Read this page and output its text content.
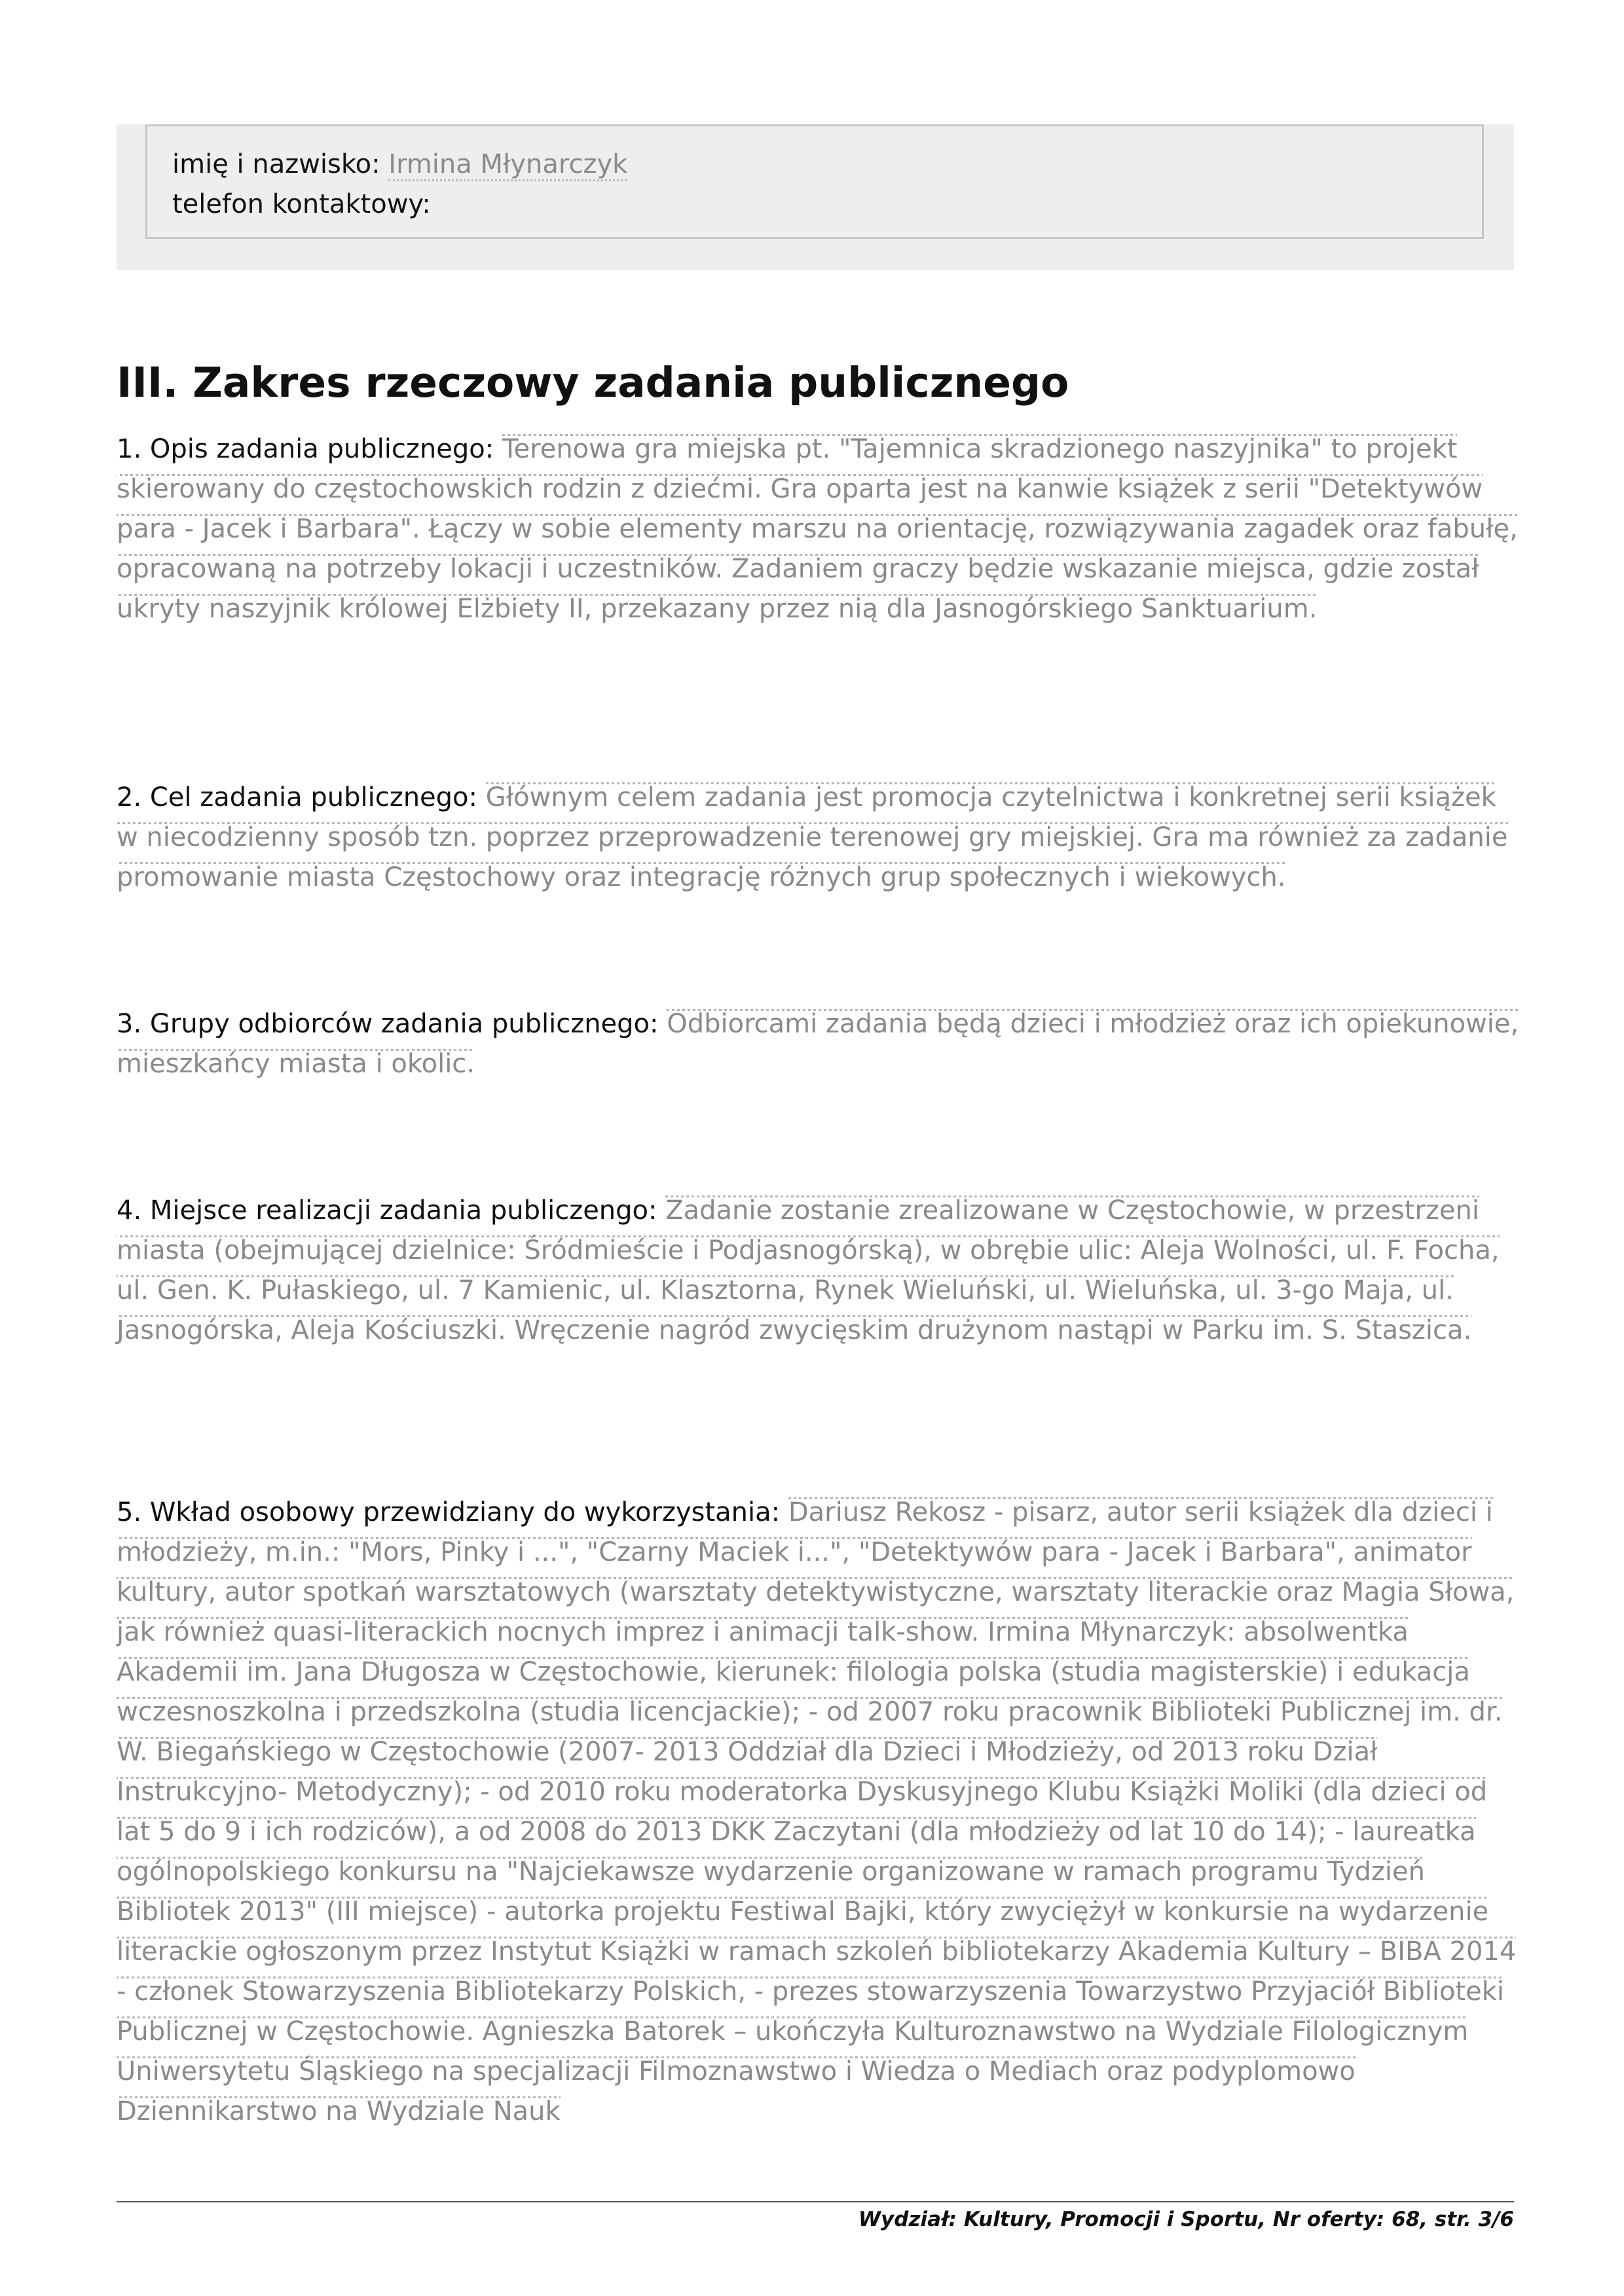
imię i nazwisko: Irmina Młynarczyk
telefon kontaktowy:
III. Zakres rzeczowy zadania publicznego
1. Opis zadania publicznego: Terenowa gra miejska pt. "Tajemnica skradzionego naszyjnika" to projekt skierowany do częstochowskich rodzin z dziećmi. Gra oparta jest na kanwie książek z serii "Detektywów para - Jacek i Barbara". Łączy w sobie elementy marszu na orientację, rozwiązywania zagadek oraz fabułę, opracowaną na potrzeby lokacji i uczestników. Zadaniem graczy będzie wskazanie miejsca, gdzie został ukryty naszyjnik królowej Elżbiety II, przekazany przez nią dla Jasnogórskiego Sanktuarium.
2. Cel zadania publicznego: Głównym celem zadania jest promocja czytelnictwa i konkretnej serii książek w niecodzienny sposób tzn. poprzez przeprowadzenie terenowej gry miejskiej. Gra ma również za zadanie promowanie miasta Częstochowy oraz integrację różnych grup społecznych i wiekowych.
3. Grupy odbiorców zadania publicznego: Odbiorcami zadania będą dzieci i młodzież oraz ich opiekunowie, mieszkańcy miasta i okolic.
4. Miejsce realizacji zadania publiczengo: Zadanie zostanie zrealizowane w Częstochowie, w przestrzeni miasta (obejmującej dzielnice: Śródmieście i Podjasnogórską), w obrębie ulic: Aleja Wolności, ul. F. Focha, ul. Gen. K. Pułaskiego, ul. 7 Kamienic, ul. Klasztorna, Rynek Wieluński, ul. Wieluńska, ul. 3-go Maja, ul. Jasnogórska, Aleja Kościuszki. Wręczenie nagród zwycięskim drużynom nastąpi w Parku im. S. Staszica.
5. Wkład osobowy przewidziany do wykorzystania: Dariusz Rekosz - pisarz, autor serii książek dla dzieci i młodzieży, m.in.: "Mors, Pinky i ...", "Czarny Maciek i...", "Detektywów para - Jacek i Barbara", animator kultury, autor spotkań warsztatowych (warsztaty detektywistyczne, warsztaty literackie oraz Magia Słowa, jak również quasi-literackich nocnych imprez i animacji talk-show. Irmina Młynarczyk: absolwentka Akademii im. Jana Długosza w Częstochowie, kierunek: filologia polska (studia magisterskie) i edukacja wczesnoszkolna i przedszkolna (studia licencjackie); - od 2007 roku pracownik Biblioteki Publicznej im. dr. W. Biegańskiego w Częstochowie (2007- 2013 Oddział dla Dzieci i Młodzieży, od 2013 roku Dział Instrukcyjno- Metodyczny); - od 2010 roku moderatorka Dyskusyjnego Klubu Książki Moliki (dla dzieci od lat 5 do 9 i ich rodziców), a od 2008 do 2013 DKK Zaczytani (dla młodzieży od lat 10 do 14); - laureatka ogólnopolskiego konkursu na "Najciekawsze wydarzenie organizowane w ramach programu Tydzień Bibliotek 2013" (III miejsce) - autorka projektu Festiwal Bajki, który zwyciężył w konkursie na wydarzenie literackie ogłoszonym przez Instytut Książki w ramach szkoleń bibliotekarzy Akademia Kultury – BIBA 2014 - członek Stowarzyszenia Bibliotekarzy Polskich, - prezes stowarzyszenia Towarzystwo Przyjaciół Biblioteki Publicznej w Częstochowie. Agnieszka Batorek – ukończyła Kulturoznawstwo na Wydziale Filologicznym Uniwersytetu Śląskiego na specjalizacji Filmoznawstwo i Wiedza o Mediach oraz podyplomowo Dziennikarstwo na Wydziale Nauk
Wydział: Kultury, Promocji i Sportu, Nr oferty: 68, str. 3/6
